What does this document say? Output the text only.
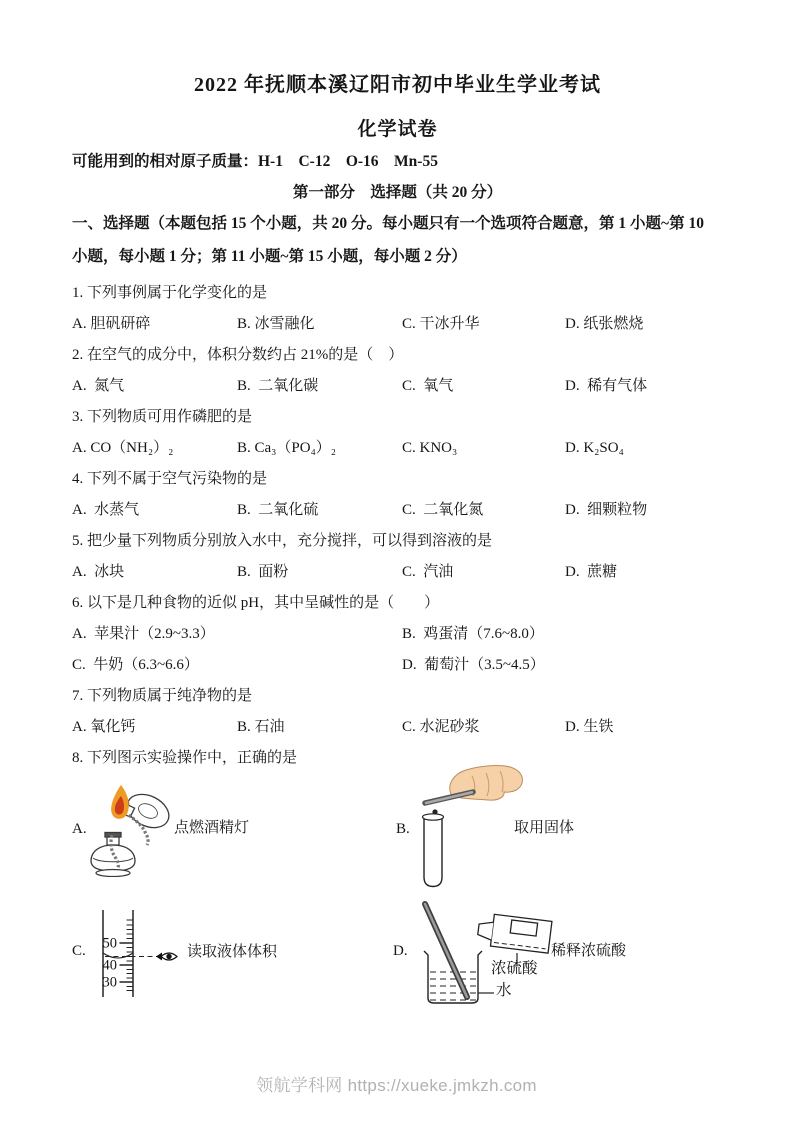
2022 年抚顺本溪辽阳市初中毕业生学业考试
化学试卷
可能用到的相对原子质量：H-1　C-12　O-16　Mn-55
第一部分　选择题（共 20 分）
一、选择题（本题包括 15 个小题，共 20 分。每小题只有一个选项符合题意，第 1 小题~第 10
小题，每小题 1 分；第 11 小题~第 15 小题，每小题 2 分）
1. 下列事例属于化学变化的是
A. 胆矾研碎	B. 冰雪融化	C. 干冰升华	D. 纸张燃烧
2. 在空气的成分中，体积分数约占 21%的是（　）
A.  氮气	B.  二氧化碳	C.  氧气	D.  稀有气体
3. 下列物质可用作磷肥的是
A. CO（NH₂）₂	B. Ca₃（PO₄）₂	C. KNO₃	D. K₂SO₄
4. 下列不属于空气污染物的是
A.  水蒸气	B.  二氧化硫	C.  二氧化氮	D.  细颗粒物
5. 把少量下列物质分别放入水中，充分搅拌，可以得到溶液的是
A.  冰块	B.  面粉	C.  汽油	D.  蔗糖
6. 以下是几种食物的近似 pH，其中呈碱性的是（　　）
A.  苹果汁（2.9~3.3）	B.  鸡蛋清（7.6~8.0）
C.  牛奶（6.3~6.6）	D.  葡萄汁（3.5~4.5）
7. 下列物质属于纯净物的是
A. 氧化钙	B. 石油	C. 水泥砂浆	D. 生铁
8. 下列图示实验操作中，正确的是
A.	点燃酒精灯	B.	取用固体
C. 50
40
30
读取液体体积	D.
浓硫酸
水
稀释浓硫酸
领航学科网 https://xueke.jmkzh.com
